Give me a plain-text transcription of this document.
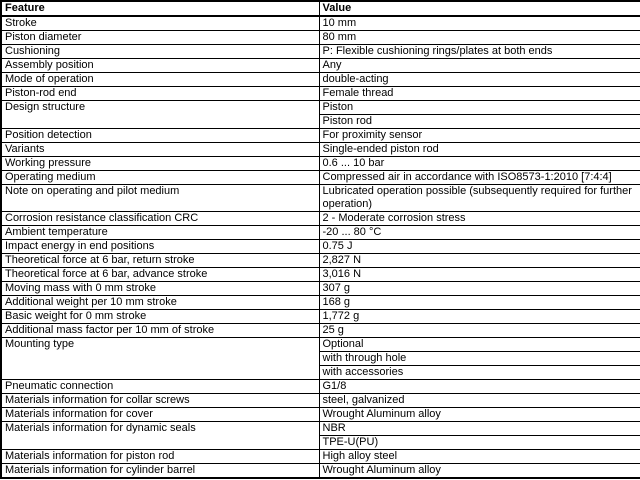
Feature	Value
Stroke	10 mm
Piston diameter	80 mm
Cushioning	P: Flexible cushioning rings/plates at both ends
Assembly position	Any
Mode of operation	double-acting
Piston-rod end	Female thread
Design structure	Piston
	Piston rod
Position detection	For proximity sensor
Variants	Single-ended piston rod
Working pressure	0.6 ... 10 bar
Operating medium	Compressed air in accordance with ISO8573-1:2010 [7:4:4]
Note on operating and pilot medium	Lubricated operation possible (subsequently required for further operation)
Corrosion resistance classification CRC	2 - Moderate corrosion stress
Ambient temperature	-20 ... 80 °C
Impact energy in end positions	0.75 J
Theoretical force at 6 bar, return stroke	2,827 N
Theoretical force at 6 bar, advance stroke	3,016 N
Moving mass with 0 mm stroke	307 g
Additional weight per 10 mm stroke	168 g
Basic weight for 0 mm stroke	1,772 g
Additional mass factor per 10 mm of stroke	25 g
Mounting type	Optional
	with through hole
	with accessories
Pneumatic connection	G1/8
Materials information for collar screws	steel, galvanized
Materials information for cover	Wrought Aluminum alloy
Materials information for dynamic seals	NBR
	TPE-U(PU)
Materials information for piston rod	High alloy steel
Materials information for cylinder barrel	Wrought Aluminum alloy
